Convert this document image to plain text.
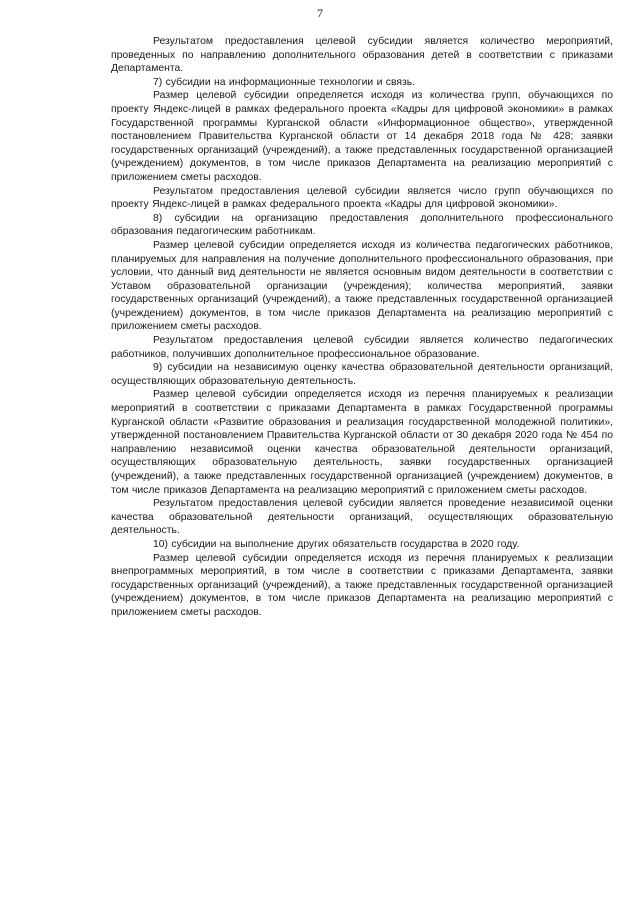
7

Результатом предоставления целевой субсидии является количество мероприятий, проведенных по направлению дополнительного образования детей в соответствии с приказами Департамента.

7) субсидии на информационные технологии и связь.

Размер целевой субсидии определяется исходя из количества групп, обучающихся по проекту Яндекс-лицей в рамках федерального проекта «Кадры для цифровой экономики» в рамках Государственной программы Курганской области «Информационное общество», утвержденной постановлением Правительства Курганской области от 14 декабря 2018 года № 428; заявки государственных организаций (учреждений), а также представленных государственной организацией (учреждением) документов, в том числе приказов Департамента на реализацию мероприятий с приложением сметы расходов.

Результатом предоставления целевой субсидии является число групп обучающихся по проекту Яндекс-лицей в рамках федерального проекта «Кадры для цифровой экономики».

8) субсидии на организацию предоставления дополнительного профессионального образования педагогическим работникам.

Размер целевой субсидии определяется исходя из количества педагогических работников, планируемых для направления на получение дополнительного профессионального образования, при условии, что данный вид деятельности не является основным видом деятельности в соответствии с Уставом образовательной организации (учреждения); количества мероприятий, заявки государственных организаций (учреждений), а также представленных государственной организацией (учреждением) документов, в том числе приказов Департамента на реализацию мероприятий с приложением сметы расходов.

Результатом предоставления целевой субсидии является количество педагогических работников, получивших дополнительное профессиональное образование.

9) субсидии на независимую оценку качества образовательной деятельности организаций, осуществляющих образовательную деятельность.

Размер целевой субсидии определяется исходя из перечня планируемых к реализации мероприятий в соответствии с приказами Департамента в рамках Государственной программы Курганской области «Развитие образования и реализация государственной молодежной политики», утвержденной постановлением Правительства Курганской области от 30 декабря 2020 года № 454 по направлению независимой оценки качества образовательной деятельности организаций, осуществляющих образовательную деятельность, заявки государственных организацией (учреждений), а также представленных государственной организацией (учреждением) документов, в том числе приказов Департамента на реализацию мероприятий с приложением сметы расходов.

Результатом предоставления целевой субсидии является проведение независимой оценки качества образовательной деятельности организаций, осуществляющих образовательную деятельность.

10) субсидии на выполнение других обязательств государства в 2020 году.

Размер целевой субсидии определяется исходя из перечня планируемых к реализации внепрограммных мероприятий, в том числе в соответствии с приказами Департамента, заявки государственных организаций (учреждений), а также представленных государственной организацией (учреждением) документов, в том числе приказов Департамента на реализацию мероприятий с приложением сметы расходов.
